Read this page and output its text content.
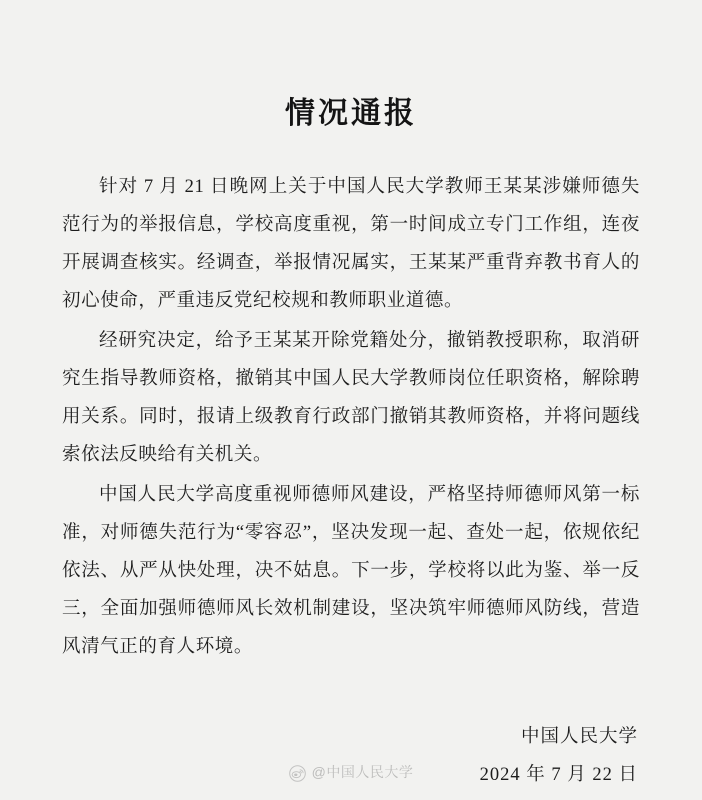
情况通报

针对 7 月 21 日晚网上关于中国人民大学教师王某某涉嫌师德失范行为的举报信息，学校高度重视，第一时间成立专门工作组，连夜开展调查核实。经调查，举报情况属实，王某某严重背弃教书育人的初心使命，严重违反党纪校规和教师职业道德。

经研究决定，给予王某某开除党籍处分，撤销教授职称，取消研究生指导教师资格，撤销其中国人民大学教师岗位任职资格，解除聘用关系。同时，报请上级教育行政部门撤销其教师资格，并将问题线索依法反映给有关机关。

中国人民大学高度重视师德师风建设，严格坚持师德师风第一标准，对师德失范行为“零容忍”，坚决发现一起、查处一起，依规依纪依法、从严从快处理，决不姑息。下一步，学校将以此为鉴、举一反三，全面加强师德师风长效机制建设，坚决筑牢师德师风防线，营造风清气正的育人环境。

中国人民大学
2024 年 7 月 22 日
@中国人民大学
